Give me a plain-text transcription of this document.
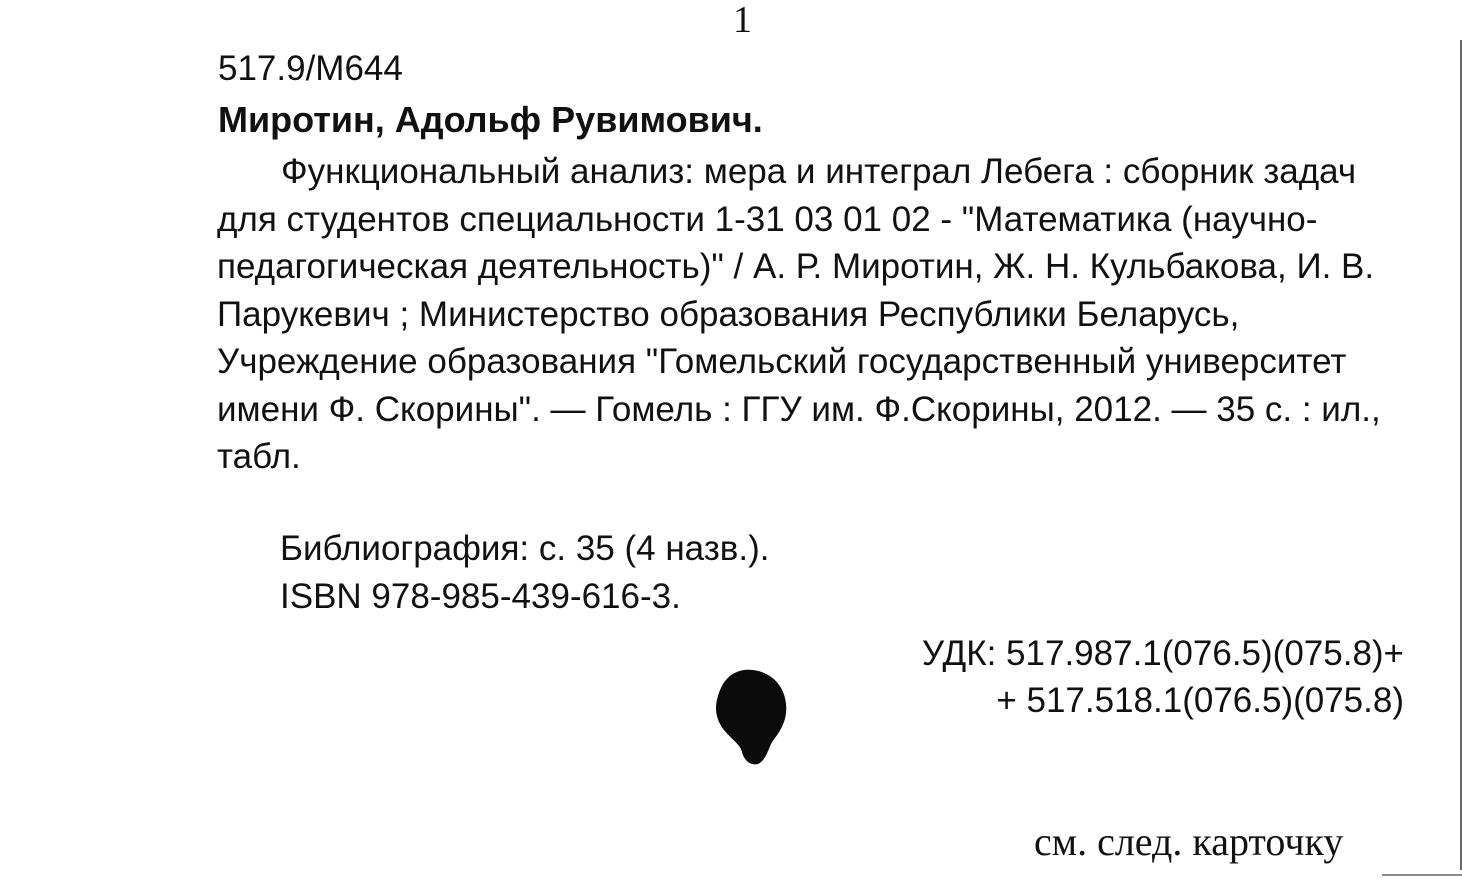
1
517.9/М644
Миротин, Адольф Рувимович.

Функциональный анализ: мера и интеграл Лебега : сборник задач для студентов специальности 1-31 03 01 02 - "Математика (научно-педагогическая деятельность)" / А. Р. Миротин, Ж. Н. Кульбакова, И. В. Парукевич ; Министерство образования Республики Беларусь, Учреждение образования "Гомельский государственный университет имени Ф. Скорины". — Гомель : ГГУ им. Ф.Скорины, 2012. — 35 с. : ил., табл.

Библиография: с. 35 (4 назв.).
ISBN 978-985-439-616-3.
УДК: 517.987.1(076.5)(075.8)+
+ 517.518.1(076.5)(075.8)
см. след. карточку
